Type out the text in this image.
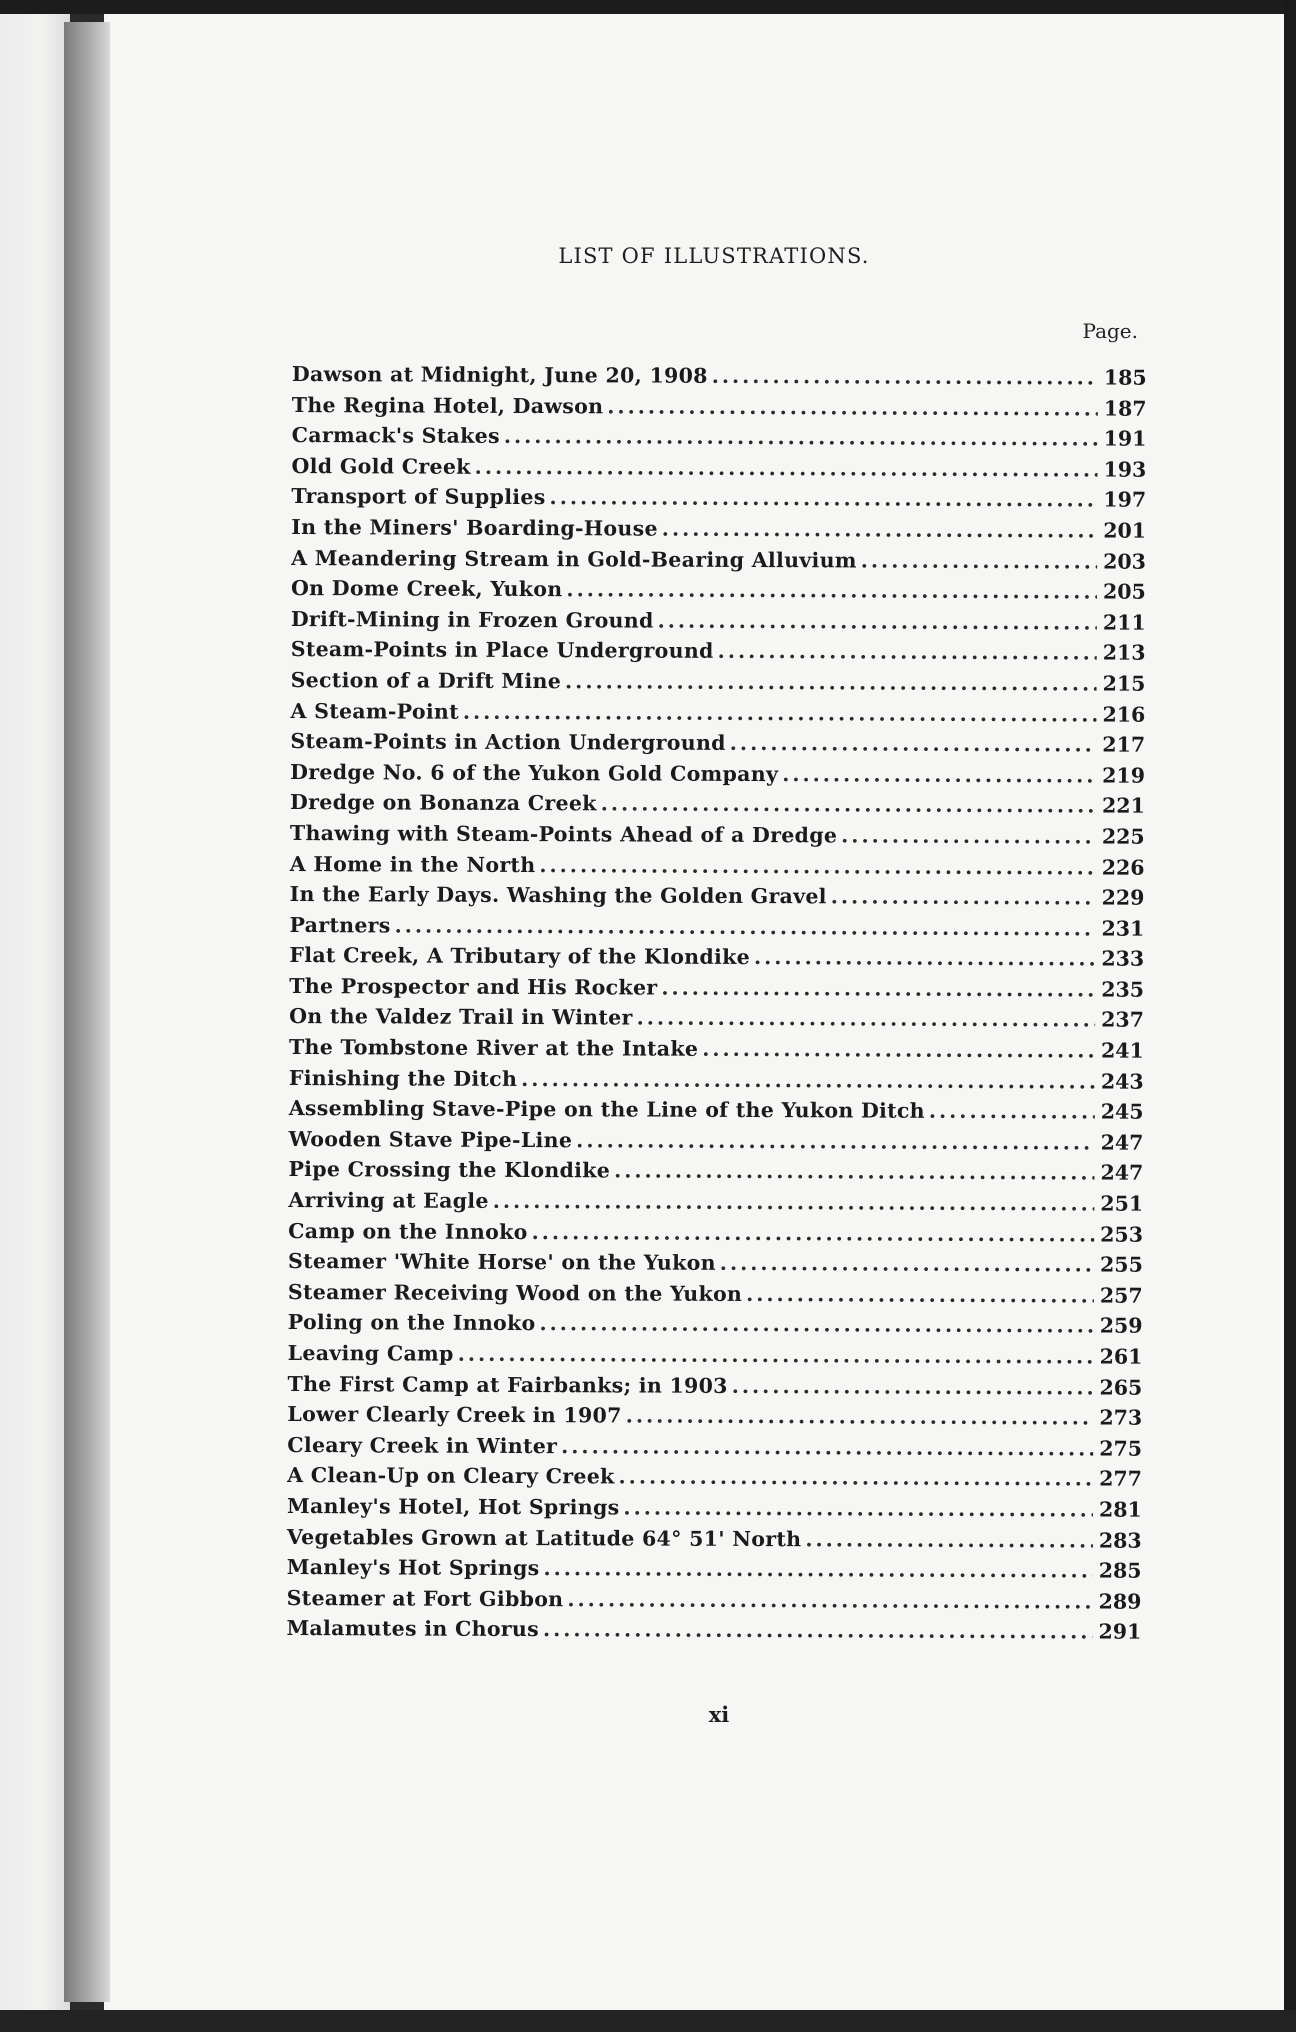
LIST OF ILLUSTRATIONS.
Page.
Dawson at Midnight, June 20, 1908 .....	185
The Regina Hotel, Dawson .....	187
Carmack's Stakes .....	191
Old Gold Creek .....	193
Transport of Supplies .....	197
In the Miners' Boarding-House .....	201
A Meandering Stream in Gold-Bearing Alluvium .....	203
On Dome Creek, Yukon .....	205
Drift-Mining in Frozen Ground .....	211
Steam-Points in Place Underground .....	213
Section of a Drift Mine .....	215
A Steam-Point .....	216
Steam-Points in Action Underground .....	217
Dredge No. 6 of the Yukon Gold Company .....	219
Dredge on Bonanza Creek .....	221
Thawing with Steam-Points Ahead of a Dredge .....	225
A Home in the North .....	226
In the Early Days. Washing the Golden Gravel .....	229
Partners .....	231
Flat Creek, A Tributary of the Klondike .....	233
The Prospector and His Rocker .....	235
On the Valdez Trail in Winter .....	237
The Tombstone River at the Intake .....	241
Finishing the Ditch .....	243
Assembling Stave-Pipe on the Line of the Yukon Ditch .....	245
Wooden Stave Pipe-Line .....	247
Pipe Crossing the Klondike .....	247
Arriving at Eagle .....	251
Camp on the Innoko .....	253
Steamer 'White Horse' on the Yukon .....	255
Steamer Receiving Wood on the Yukon .....	257
Poling on the Innoko .....	259
Leaving Camp .....	261
The First Camp at Fairbanks; in 1903 .....	265
Lower Clearly Creek in 1907 .....	273
Cleary Creek in Winter .....	275
A Clean-Up on Cleary Creek .....	277
Manley's Hotel, Hot Springs .....	281
Vegetables Grown at Latitude 64° 51' North .....	283
Manley's Hot Springs .....	285
Steamer at Fort Gibbon .....	289
Malamutes in Chorus .....	291
xi
